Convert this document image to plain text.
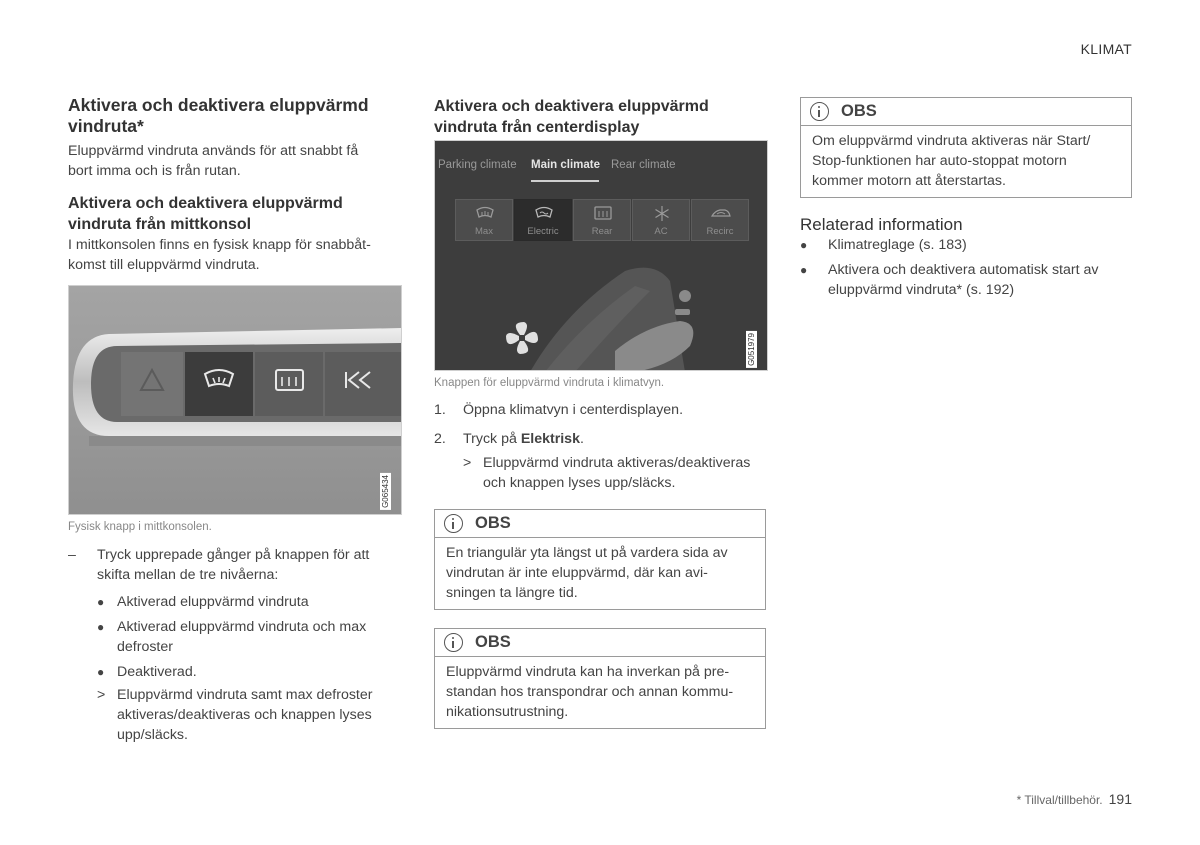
KLIMAT
Aktivera och deaktivera eluppvärmd vindruta*
Eluppvärmd vindruta används för att snabbt få
bort imma och is från rutan.
Aktivera och deaktivera eluppvärmd
vindruta från mittkonsol
I mittkonsolen finns en fysisk knapp för snabbåt-
komst till eluppvärmd vindruta.
G065434
Fysisk knapp i mittkonsolen.
– Tryck upprepade gånger på knappen för att
skifta mellan de tre nivåerna:
● Aktiverad eluppvärmd vindruta
● Aktiverad eluppvärmd vindruta och max
defroster
● Deaktiverad.
> Eluppvärmd vindruta samt max defroster
aktiveras/deaktiveras och knappen lyses
upp/släcks.
Aktivera och deaktivera eluppvärmd
vindruta från centerdisplay
Parking climate Main climate Rear climate
Max	Electric	Rear	AC	Recirc
G051979
Knappen för eluppvärmd vindruta i klimatvyn.
1.	Öppna klimatvyn i centerdisplayen.
2.	Tryck på Elektrisk.
> Eluppvärmd vindruta aktiveras/deaktiveras
och knappen lyses upp/släcks.
OBS
En triangulär yta längst ut på vardera sida av
vindrutan är inte eluppvärmd, där kan avi-
sningen ta längre tid.
OBS
Eluppvärmd vindruta kan ha inverkan på pre-
standan hos transpondrar och annan kommu-
nikationsutrustning.
OBS
Om eluppvärmd vindruta aktiveras när Start/
Stop-funktionen har auto-stoppat motorn
kommer motorn att återstartas.
Relaterad information
● Klimatreglage (s. 183)
● Aktivera och deaktivera automatisk start av
eluppvärmd vindruta* (s. 192)
* Tillval/tillbehör. 191
